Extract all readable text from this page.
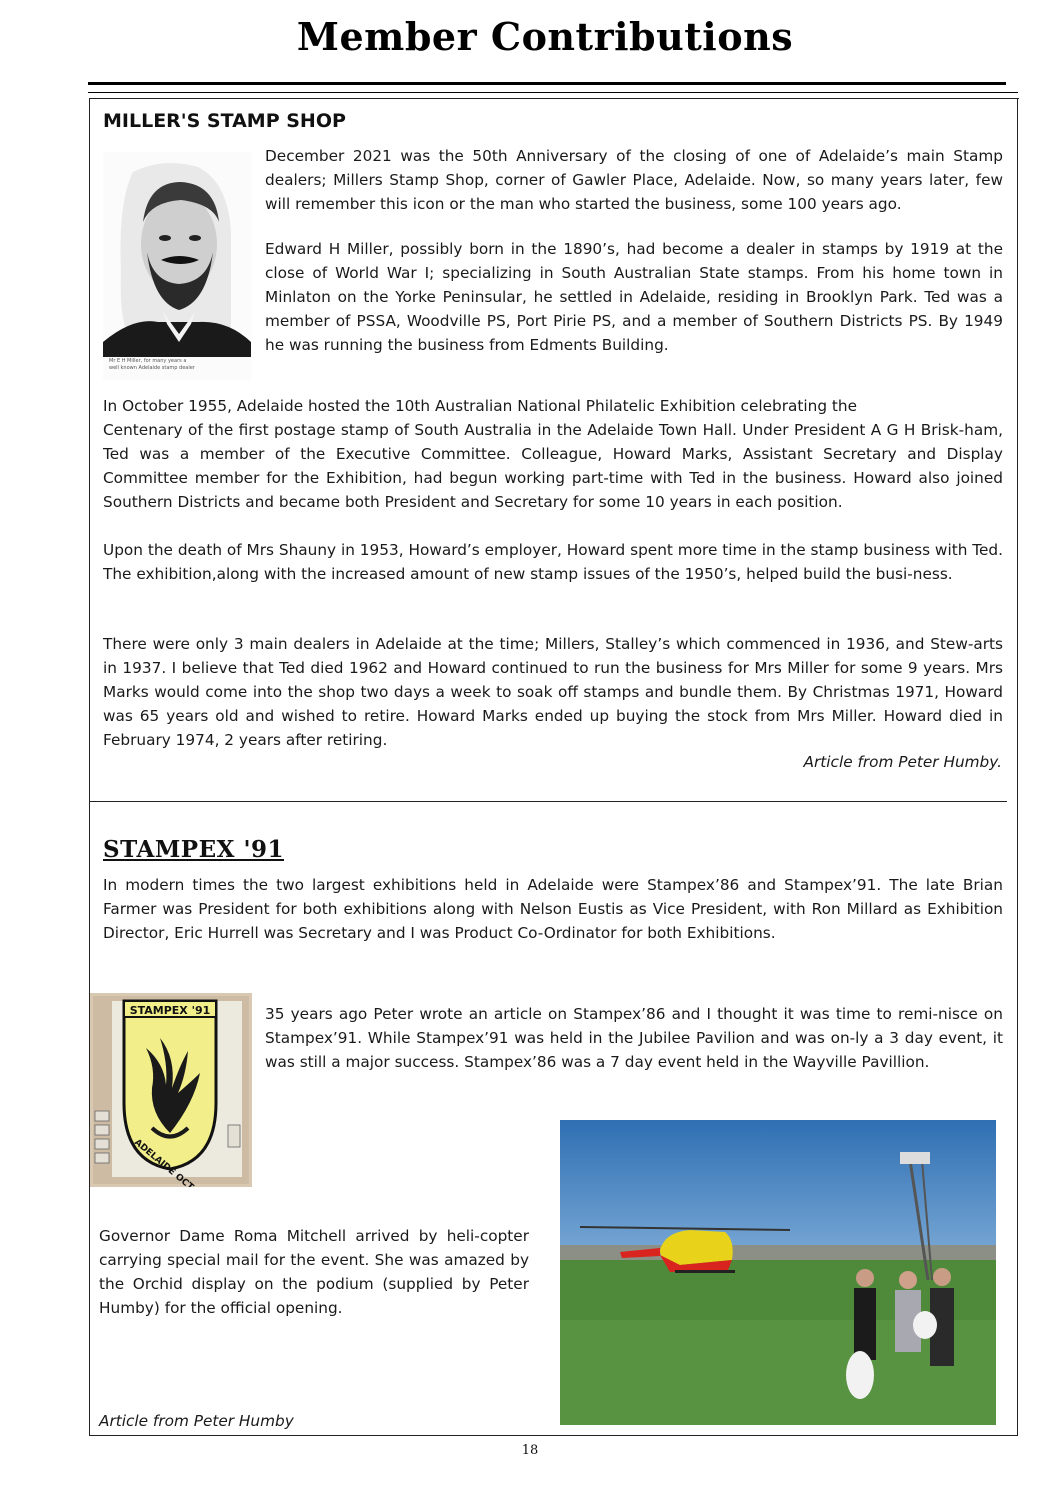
Member Contributions
MILLER'S STAMP SHOP
Mr E H Miller, for many years a
well known Adelaide stamp dealer

December 2021 was the 50th Anniversary of the closing of one of Adelaide’s main Stamp dealers; Millers Stamp Shop, corner of Gawler Place, Adelaide. Now, so many years later, few will remember this icon or the man who started the business, some 100 years ago.

Edward H Miller, possibly born in the 1890’s, had become a dealer in stamps by 1919 at the close of World War I; specializing in South Australian State stamps. From his home town in Minlaton on the Yorke Peninsular, he settled in Adelaide, residing in Brooklyn Park. Ted was a member of PSSA, Woodville PS, Port Pirie PS, and a member of Southern Districts PS. By 1949 he was running the business from Edments Building.

In October 1955, Adelaide hosted the 10th Australian National Philatelic Exhibition celebrating the

Centenary of the first postage stamp of South Australia in the Adelaide Town Hall. Under President A G H Brisk-ham, Ted was a member of the Executive Committee. Colleague, Howard Marks, Assistant Secretary and Display Committee member for the Exhibition, had begun working part-time with Ted in the business. Howard also joined Southern Districts and became both President and Secretary for some 10 years in each position.

Upon the death of Mrs Shauny in 1953, Howard’s employer, Howard spent more time in the stamp business with Ted. The exhibition,along with the increased amount of new stamp issues of the 1950’s, helped build the busi-ness.

There were only 3 main dealers in Adelaide at the time; Millers, Stalley’s which commenced in 1936, and Stew-arts in 1937. I believe that Ted died 1962 and Howard continued to run the business for Mrs Miller for some 9 years. Mrs Marks would come into the shop two days a week to soak off stamps and bundle them. By Christmas 1971, Howard was 65 years old and wished to retire. Howard Marks ended up buying the stock from Mrs Miller. Howard died in February 1974, 2 years after retiring.

Article from Peter Humby.
STAMPEX '91

In modern times the two largest exhibitions held in Adelaide were Stampex’86 and Stampex’91. The late Brian Farmer was President for both exhibitions along with Nelson Eustis as Vice President, with Ron Millard as Exhibition Director, Eric Hurrell was Secretary and I was Product Co-Ordinator for both Exhibitions.

STAMPEX '91
ADELAIDE OCT

35 years ago Peter wrote an article on Stampex’86 and I thought it was time to remi-nisce on Stampex’91. While Stampex’91 was held in the Jubilee Pavilion and was on-ly a 3 day event, it was still a major success. Stampex’86 was a 7 day event held in the Wayville Pavillion.

Governor Dame Roma Mitchell arrived by heli-copter carrying special mail for the event. She was amazed by the Orchid display on the podium (supplied by Peter Humby) for the official opening.

Article from Peter Humby
18
